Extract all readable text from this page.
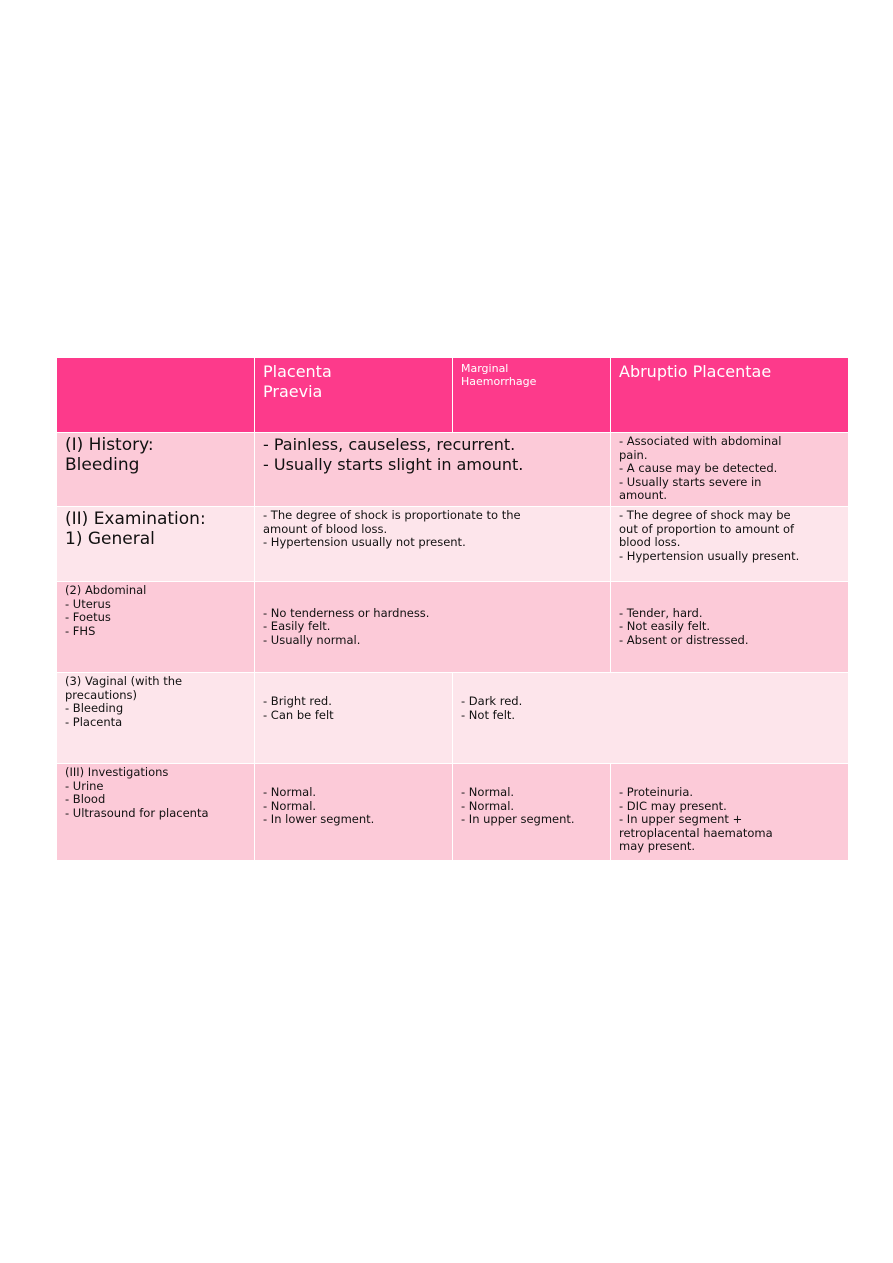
	Placenta
Praevia	Marginal
Haemorrhage	Abruptio Placentae

(I) History:
Bleeding	- Painless, causeless, recurrent.
- Usually starts slight in amount.		- Associated with abdominal
pain.
- A cause may be detected.
- Usually starts severe in
amount.

(II) Examination:
1) General	- The degree of shock is proportionate to the
amount of blood loss.
- Hypertension usually not present.		- The degree of shock may be
out of proportion to amount of
blood loss.
- Hypertension usually present.

(2) Abdominal
- Uterus
- Foetus
- FHS	- No tenderness or hardness.
- Easily felt.
- Usually normal.		- Tender, hard.
- Not easily felt.
- Absent or distressed.

(3) Vaginal (with the
precautions)
- Bleeding
- Placenta	- Bright red.
- Can be felt	- Dark red.
- Not felt.	

(III) Investigations
- Urine
- Blood
- Ultrasound for placenta	- Normal.
- Normal.
- In lower segment.	- Normal.
- Normal.
- In upper segment.	- Proteinuria.
- DIC may present.
- In upper segment +
retroplacental haematoma
may present.
